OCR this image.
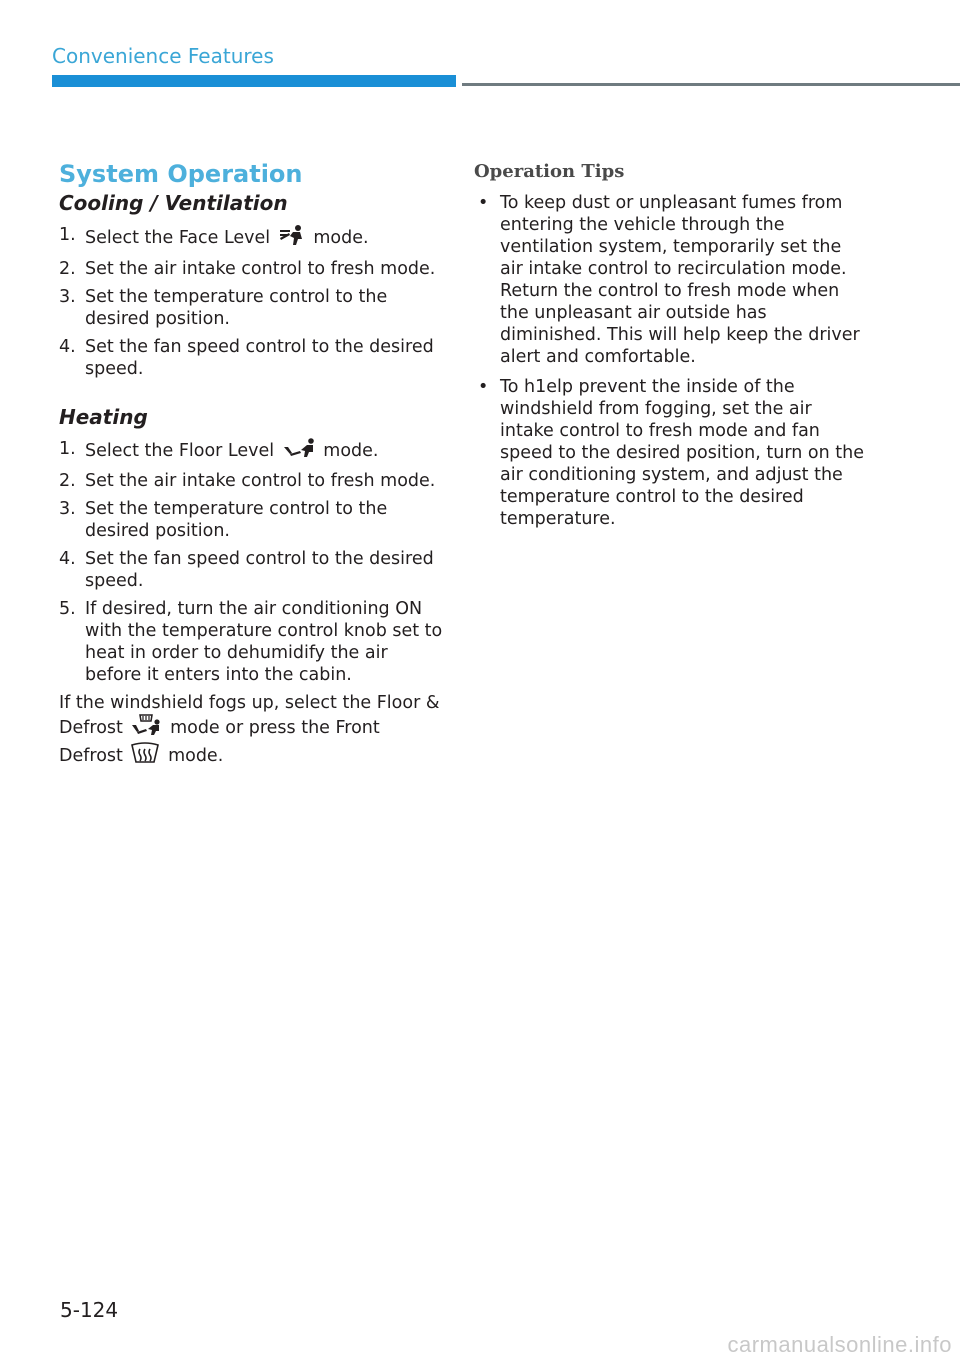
Convenience Features
System Operation
Cooling / Ventilation
1. Select the Face Level mode.
2. Set the air intake control to fresh mode.
3. Set the temperature control to the desired position.
4. Set the fan speed control to the desired speed.
Heating
1. Select the Floor Level	mode.
2. Set the air intake control to fresh mode.
3. Set the temperature control to the desired position.
4. Set the fan speed control to the desired speed.
5. If desired, turn the air conditioning ON with the temperature control knob set to heat in order to dehumidify the air before it enters into the cabin.

If the windshield fogs up, select the Floor & Defrost	mode or press the Front Defrost	mode.

Operation Tips
• To keep dust or unpleasant fumes from entering the vehicle through the ventilation system, temporarily set the air intake control to recirculation mode. Return the control to fresh mode when the unpleasant air outside has diminished. This will help keep the driver alert and comfortable.
• To h1elp prevent the inside of the windshield from fogging, set the air intake control to fresh mode and fan speed to the desired position, turn on the air conditioning system, and adjust the temperature control to the desired temperature.
5-124
carmanualsonline.info
